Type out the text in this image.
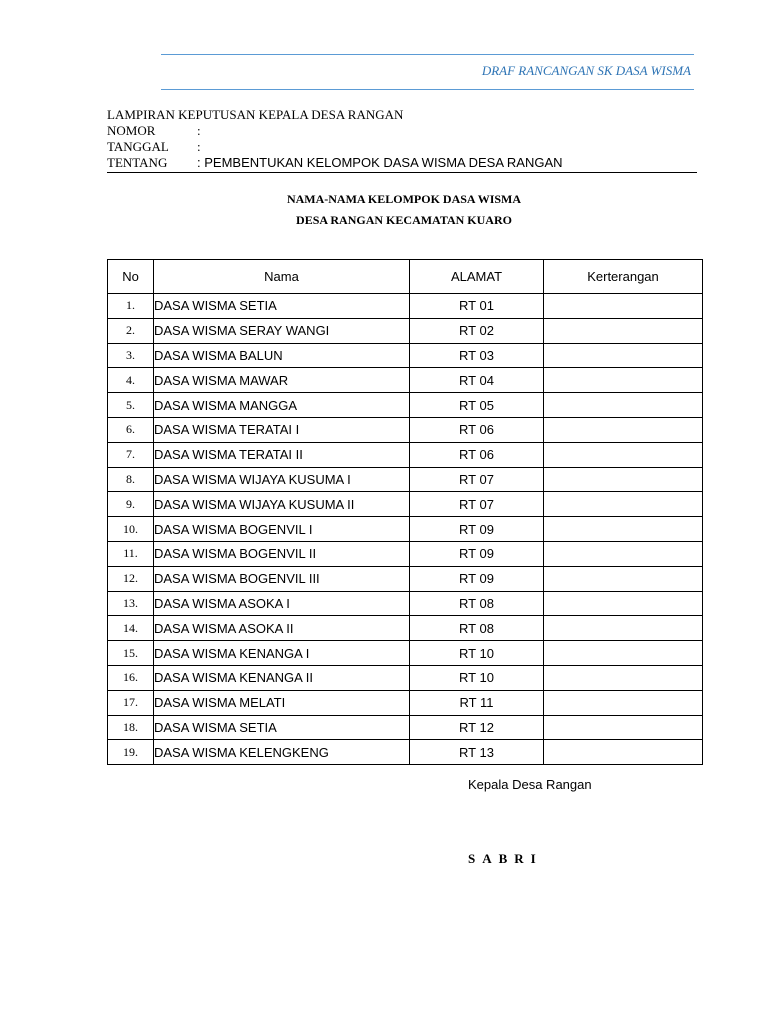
DRAF RANCANGAN SK DASA WISMA
LAMPIRAN KEPUTUSAN KEPALA DESA RANGAN
NOMOR	:
TANGGAL :
TENTANG : PEMBENTUKAN KELOMPOK DASA WISMA DESA RANGAN
NAMA-NAMA KELOMPOK DASA WISMA
DESA RANGAN KECAMATAN KUARO
No	Nama	ALAMAT	Kerterangan
1.	DASA WISMA SETIA	RT 01	
2.	DASA WISMA SERAY WANGI	RT 02	
3.	DASA WISMA BALUN	RT 03	
4.	DASA WISMA MAWAR	RT 04	
5.	DASA WISMA MANGGA	RT 05	
6.	DASA WISMA TERATAI I	RT 06	
7.	DASA WISMA TERATAI II	RT 06	
8.	DASA WISMA WIJAYA KUSUMA I	RT 07	
9.	DASA WISMA WIJAYA KUSUMA II	RT 07	
10.	DASA WISMA BOGENVIL I	RT 09	
11.	DASA WISMA BOGENVIL II	RT 09	
12.	DASA WISMA BOGENVIL III	RT 09	
13.	DASA WISMA ASOKA I	RT 08	
14.	DASA WISMA ASOKA II	RT 08	
15.	DASA WISMA KENANGA I	RT 10	
16.	DASA WISMA KENANGA II	RT 10	
17.	DASA WISMA MELATI	RT 11	
18.	DASA WISMA SETIA	RT 12	
19.	DASA WISMA KELENGKENG	RT 13	
Kepala Desa Rangan
SABRI
